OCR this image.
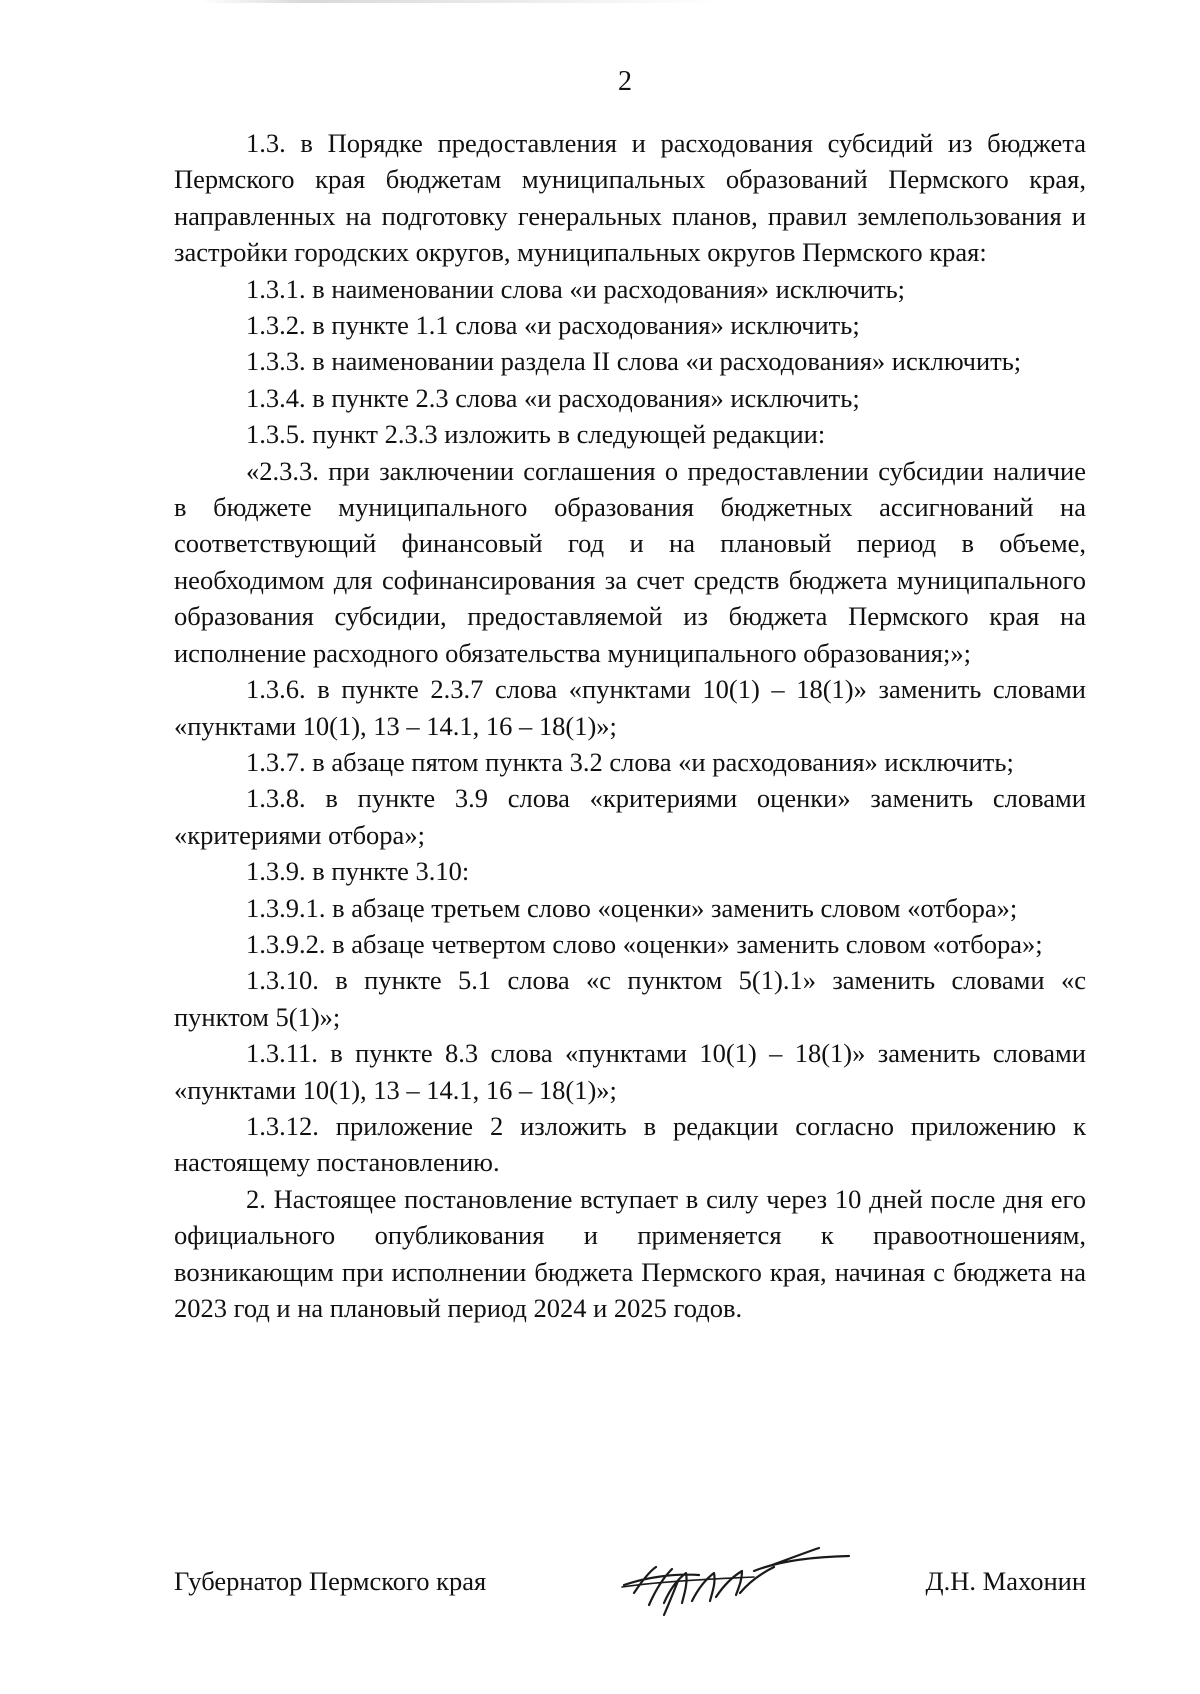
2

1.3. в Порядке предоставления и расходования субсидий из бюджета Пермского края бюджетам муниципальных образований Пермского края, направленных на подготовку генеральных планов, правил землепользования и застройки городских округов, муниципальных округов Пермского края:

1.3.1. в наименовании слова «и расходования» исключить;

1.3.2. в пункте 1.1 слова «и расходования» исключить;

1.3.3. в наименовании раздела II слова «и расходования» исключить;

1.3.4. в пункте 2.3 слова «и расходования» исключить;

1.3.5. пункт 2.3.3 изложить в следующей редакции:

«2.3.3. при заключении соглашения о предоставлении субсидии наличие в бюджете муниципального образования бюджетных ассигнований на соответствующий финансовый год и на плановый период в объеме, необходимом для софинансирования за счет средств бюджета муниципального образования субсидии, предоставляемой из бюджета Пермского края на исполнение расходного обязательства муниципального образования;»;

1.3.6. в пункте 2.3.7 слова «пунктами 10(1) – 18(1)» заменить словами «пунктами 10(1), 13 – 14.1, 16 – 18(1)»;

1.3.7. в абзаце пятом пункта 3.2 слова «и расходования» исключить;

1.3.8. в пункте 3.9 слова «критериями оценки» заменить словами «критериями отбора»;

1.3.9. в пункте 3.10:

1.3.9.1. в абзаце третьем слово «оценки» заменить словом «отбора»;

1.3.9.2. в абзаце четвертом слово «оценки» заменить словом «отбора»;

1.3.10. в пункте 5.1 слова «с пунктом 5(1).1» заменить словами «с пунктом 5(1)»;

1.3.11. в пункте 8.3 слова «пунктами 10(1) – 18(1)» заменить словами «пунктами 10(1), 13 – 14.1, 16 – 18(1)»;

1.3.12. приложение 2 изложить в редакции согласно приложению к настоящему постановлению.

2. Настоящее постановление вступает в силу через 10 дней после дня его официального опубликования и применяется к правоотношениям, возникающим при исполнении бюджета Пермского края, начиная с бюджета на 2023 год и на плановый период 2024 и 2025 годов.

Губернатор Пермского края	Д.Н. Махонин
